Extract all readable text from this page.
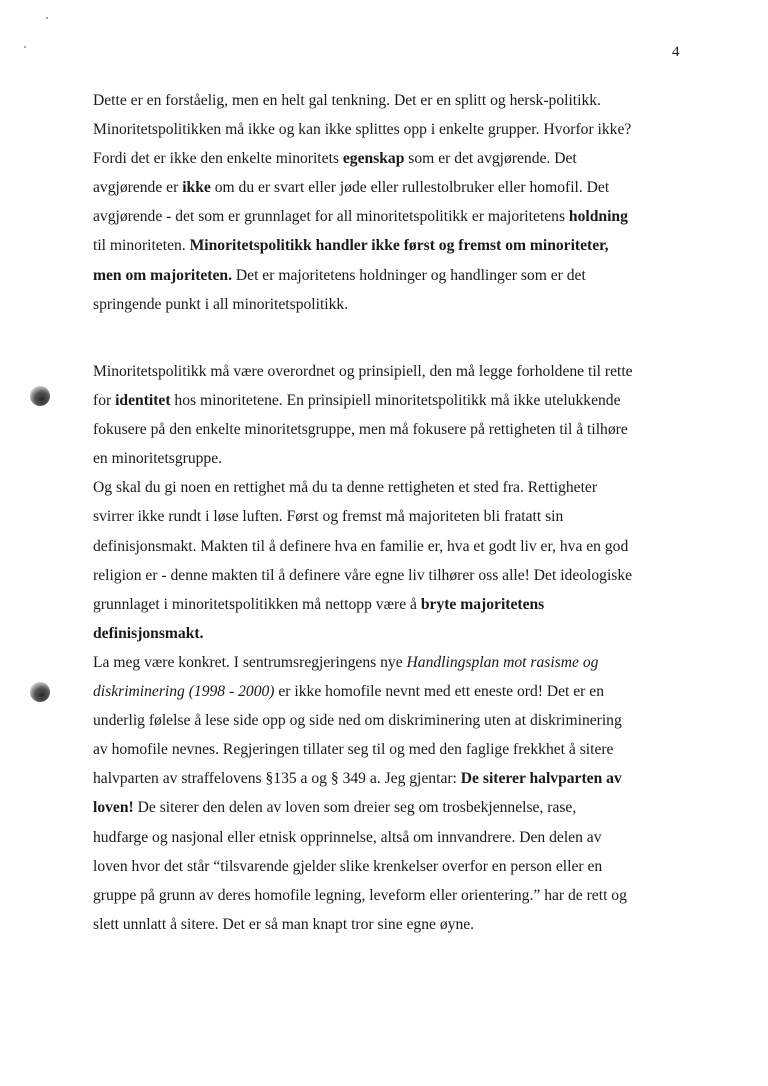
4

Dette er en forståelig, men en helt gal tenkning. Det er en splitt og hersk-politikk.
Minoritetspolitikken må ikke og kan ikke splittes opp i enkelte grupper. Hvorfor ikke?
Fordi det er ikke den enkelte minoritets egenskap som er det avgjørende. Det
avgjørende er ikke om du er svart eller jøde eller rullestolbruker eller homofil. Det
avgjørende - det som er grunnlaget for all minoritetspolitikk er majoritetens holdning
til minoriteten. Minoritetspolitikk handler ikke først og fremst om minoriteter,
men om majoriteten. Det er majoritetens holdninger og handlinger som er det
springende punkt i all minoritetspolitikk.

Minoritetspolitikk må være overordnet og prinsipiell, den må legge forholdene til rette
for identitet hos minoritetene. En prinsipiell minoritetspolitikk må ikke utelukkende
fokusere på den enkelte minoritetsgruppe, men må fokusere på rettigheten til å tilhøre
en minoritetsgruppe.
Og skal du gi noen en rettighet må du ta denne rettigheten et sted fra. Rettigheter
svirrer ikke rundt i løse luften. Først og fremst må majoriteten bli fratatt sin
definisjonsmakt. Makten til å definere hva en familie er, hva et godt liv er, hva en god
religion er - denne makten til å definere våre egne liv tilhører oss alle! Det ideologiske
grunnlaget i minoritetspolitikken må nettopp være å bryte majoritetens
definisjonsmakt.
La meg være konkret. I sentrumsregjeringens nye Handlingsplan mot rasisme og
diskriminering (1998 - 2000) er ikke homofile nevnt med ett eneste ord! Det er en
underlig følelse å lese side opp og side ned om diskriminering uten at diskriminering
av homofile nevnes. Regjeringen tillater seg til og med den faglige frekkhet å sitere
halvparten av straffelovens §135 a og § 349 a. Jeg gjentar: De siterer halvparten av
loven! De siterer den delen av loven som dreier seg om trosbekjennelse, rase,
hudfarge og nasjonal eller etnisk opprinnelse, altså om innvandrere. Den delen av
loven hvor det står “tilsvarende gjelder slike krenkelser overfor en person eller en
gruppe på grunn av deres homofile legning, leveform eller orientering.” har de rett og
slett unnlatt å sitere. Det er så man knapt tror sine egne øyne.
